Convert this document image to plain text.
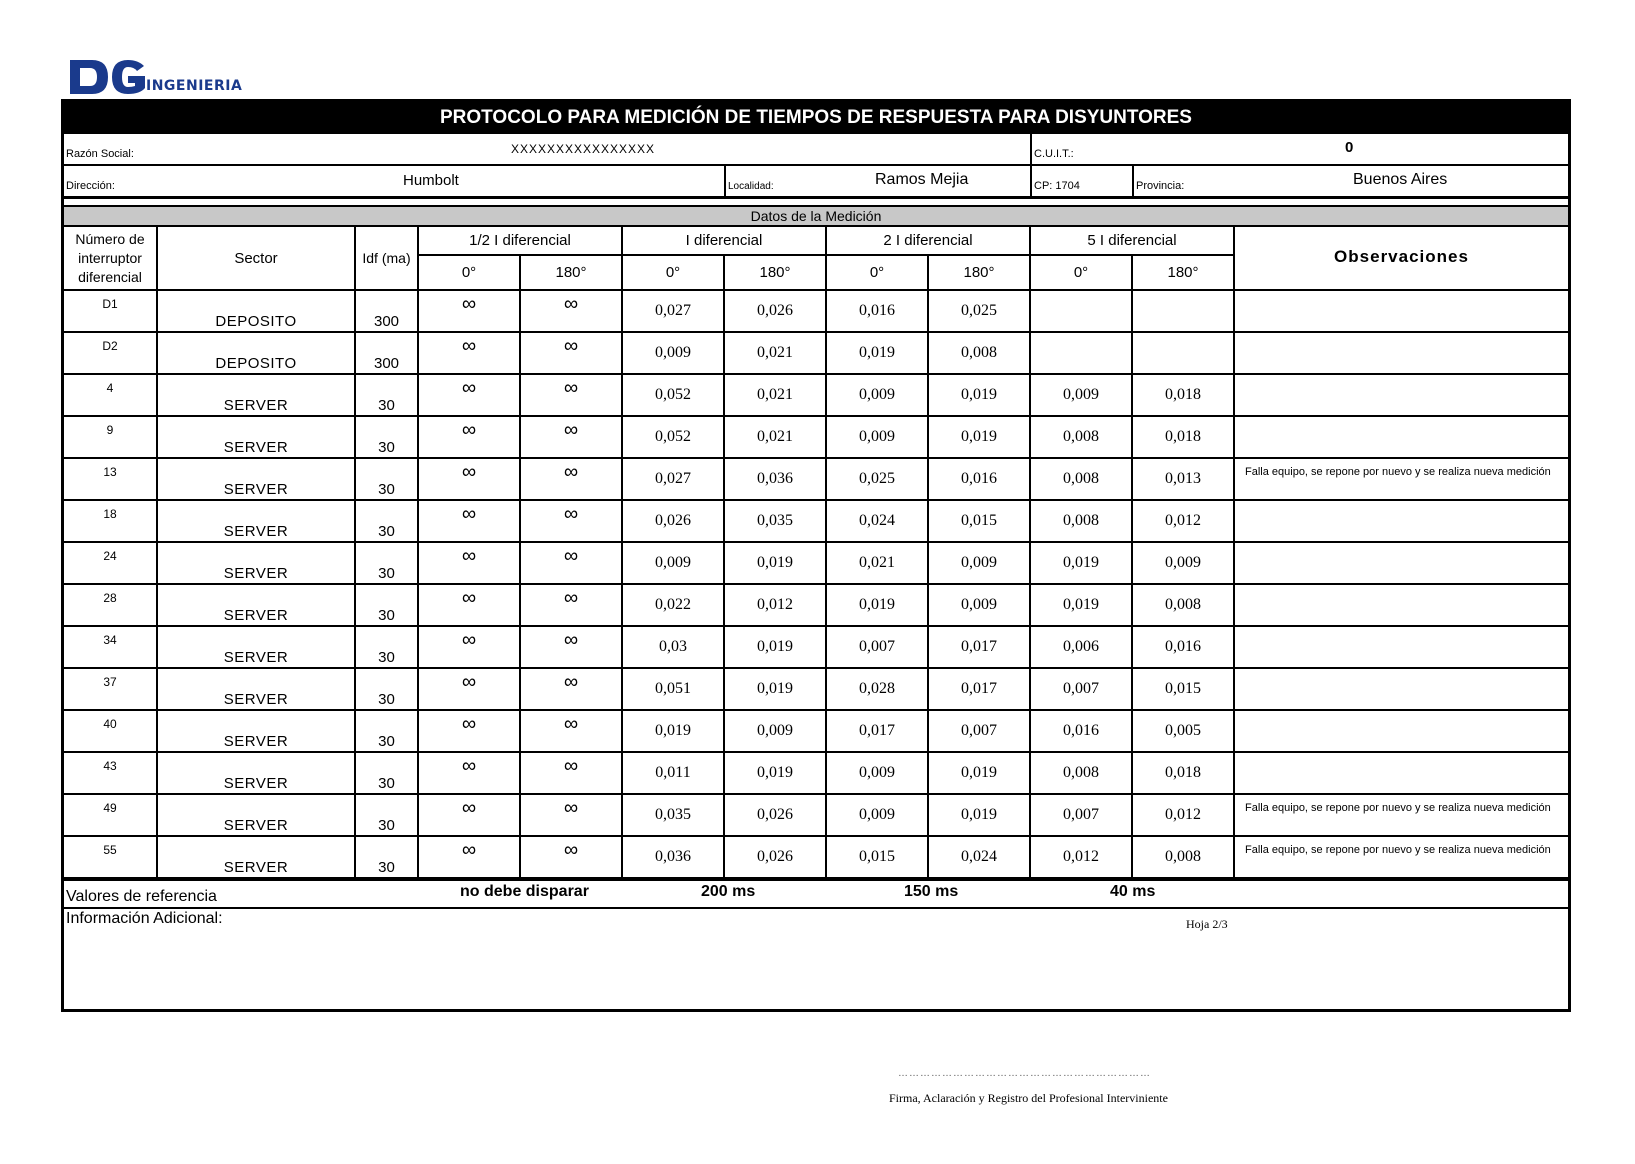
INGENIERIA
PROTOCOLO PARA MEDICIÓN DE TIEMPOS DE RESPUESTA PARA DISYUNTORES
Razón Social:	XXXXXXXXXXXXXXXX	C.U.I.T.:	0
Dirección:	Humbolt	Localidad:	Ramos Mejia	CP: 1704	Provincia:	Buenos Aires
Datos de la Medición											
Número de interruptor diferencial	Sector	Idf (ma)	1/2 I diferencial		I diferencial		2 I diferencial		5 I diferencial		Observaciones
			0°	180°	0°	180°	0°	180°	0°	180°	
D1	DEPOSITO	300	∞	∞	0,027	0,026	0,016	0,025			
D2	DEPOSITO	300	∞	∞	0,009	0,021	0,019	0,008			
4	SERVER	30	∞	∞	0,052	0,021	0,009	0,019	0,009	0,018	
9	SERVER	30	∞	∞	0,052	0,021	0,009	0,019	0,008	0,018	
13	SERVER	30	∞	∞	0,027	0,036	0,025	0,016	0,008	0,013	Falla equipo, se repone por nuevo y se realiza nueva medición
18	SERVER	30	∞	∞	0,026	0,035	0,024	0,015	0,008	0,012	
24	SERVER	30	∞	∞	0,009	0,019	0,021	0,009	0,019	0,009	
28	SERVER	30	∞	∞	0,022	0,012	0,019	0,009	0,019	0,008	
34	SERVER	30	∞	∞	0,03	0,019	0,007	0,017	0,006	0,016	
37	SERVER	30	∞	∞	0,051	0,019	0,028	0,017	0,007	0,015	
40	SERVER	30	∞	∞	0,019	0,009	0,017	0,007	0,016	0,005	
43	SERVER	30	∞	∞	0,011	0,019	0,009	0,019	0,008	0,018	
49	SERVER	30	∞	∞	0,035	0,026	0,009	0,019	0,007	0,012	Falla equipo, se repone por nuevo y se realiza nueva medición
55	SERVER	30	∞	∞	0,036	0,026	0,015	0,024	0,012	0,008	Falla equipo, se repone por nuevo y se realiza nueva medición
Valores de referencia	no debe disparar	200 ms	150 ms	40 ms
Información Adicional:	Hoja 2/3
……………………………………………………………
Firma, Aclaración y Registro del Profesional Interviniente
